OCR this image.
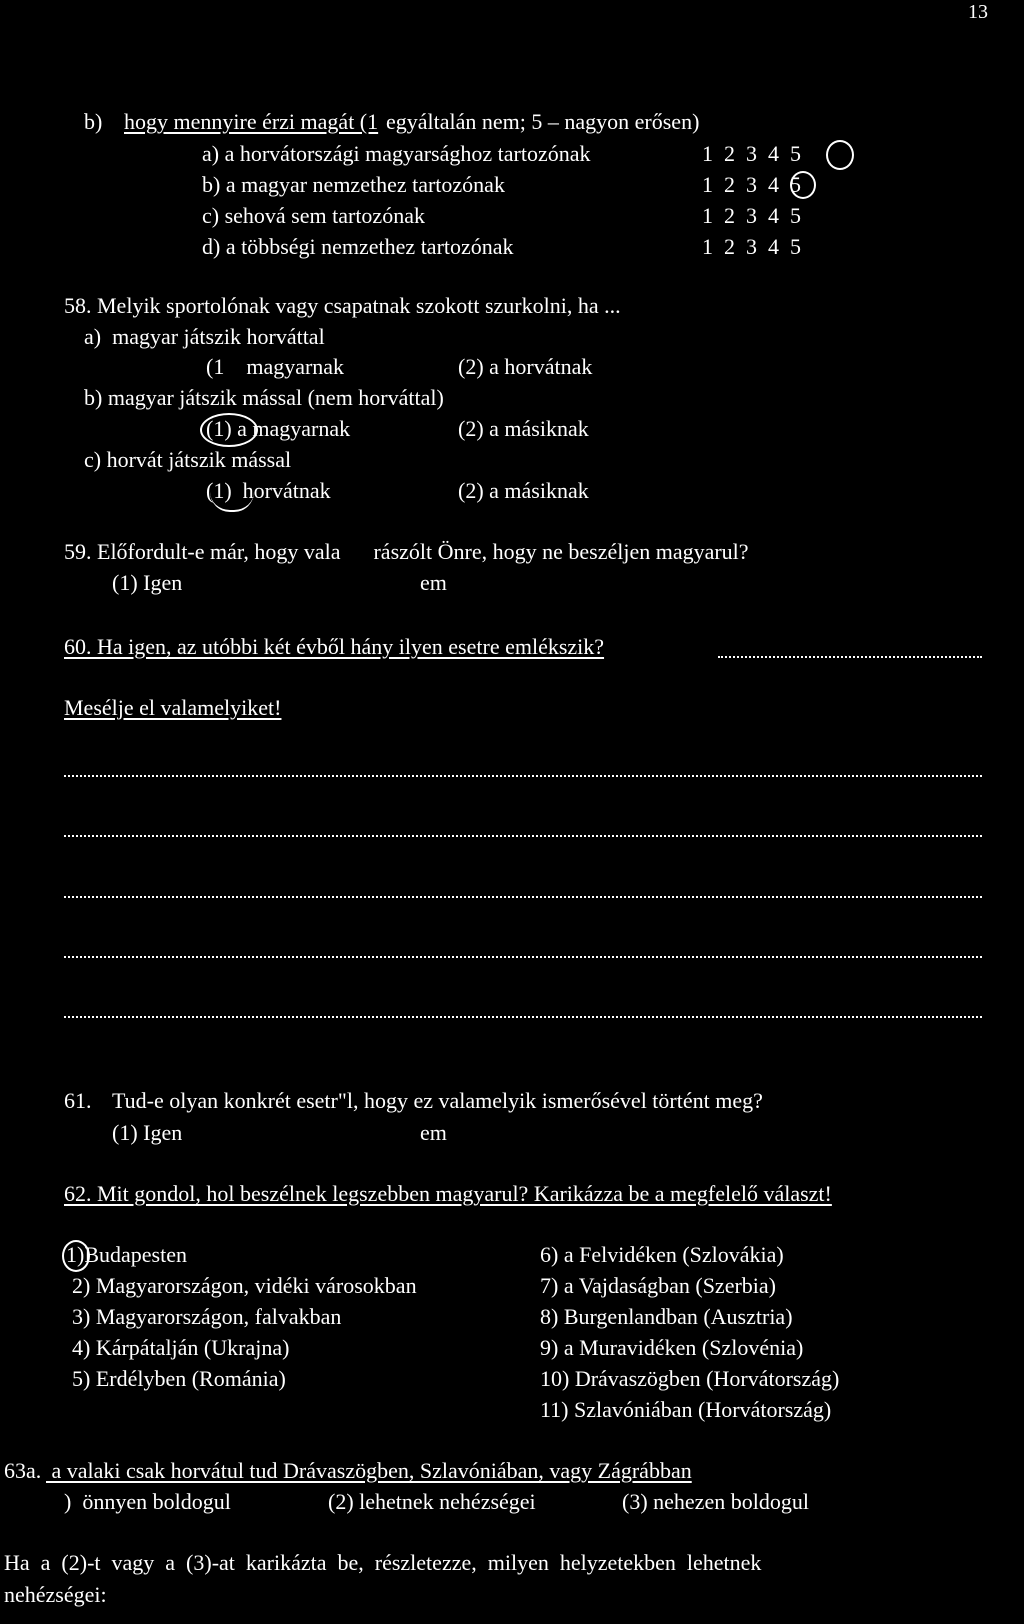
13
b) hogy mennyire érzi magát (1 egyáltalán nem; 5 – nagyon erősen)
a) a horvátországi magyarsághoz tartozónak	1  2  3  4  5
b) a magyar nemzethez tartozónak	1  2  3  4  5
c) sehová sem tartozónak	1  2  3  4  5
d) a többségi nemzethez tartozónak	1  2  3  4  5
58. Melyik sportolónak vagy csapatnak szokott szurkolni, ha ...
a)  magyar játszik horváttal
(1    magyarnak	(2) a horvátnak
b) magyar játszik mással (nem horváttal)
(1) a magyarnak	(2) a másiknak
c) horvát játszik mással
(1)  horvátnak	(2) a másiknak
59. Előfordult-e már, hogy vala      rászólt Önre, hogy ne beszéljen magyarul?
(1) Igen	em
60. Ha igen, az utóbbi két évből hány ilyen esetre emlékszik?
Mesélje el valamelyiket!
61. Tud-e olyan konkrét esetr"l, hogy ez valamelyik ismerősével történt meg?
(1) Igen	em
62. Mit gondol, hol beszélnek legszebben magyarul? Karikázza be a megfelelő választ!
1)Budapesten
2) Magyarországon, vidéki városokban
3) Magyarországon, falvakban
4) Kárpátalján (Ukrajna)
5) Erdélyben (Románia)
6) a Felvidéken (Szlovákia)
7) a Vajdaságban (Szerbia)
8) Burgenlandban (Ausztria)
9) a Muravidéken (Szlovénia)
10) Drávaszögben (Horvátország)
11) Szlavóniában (Horvátország)
63a. a valaki csak horvátul tud Drávaszögben, Szlavóniában, vagy Zágrábban
)  önnyen boldogul	(2) lehetnek nehézségei	(3) nehezen boldogul
Ha  a  (2)-t  vagy  a  (3)-at  karikázta  be,  részletezze,  milyen  helyzetekben  lehetnek
nehézségei:
